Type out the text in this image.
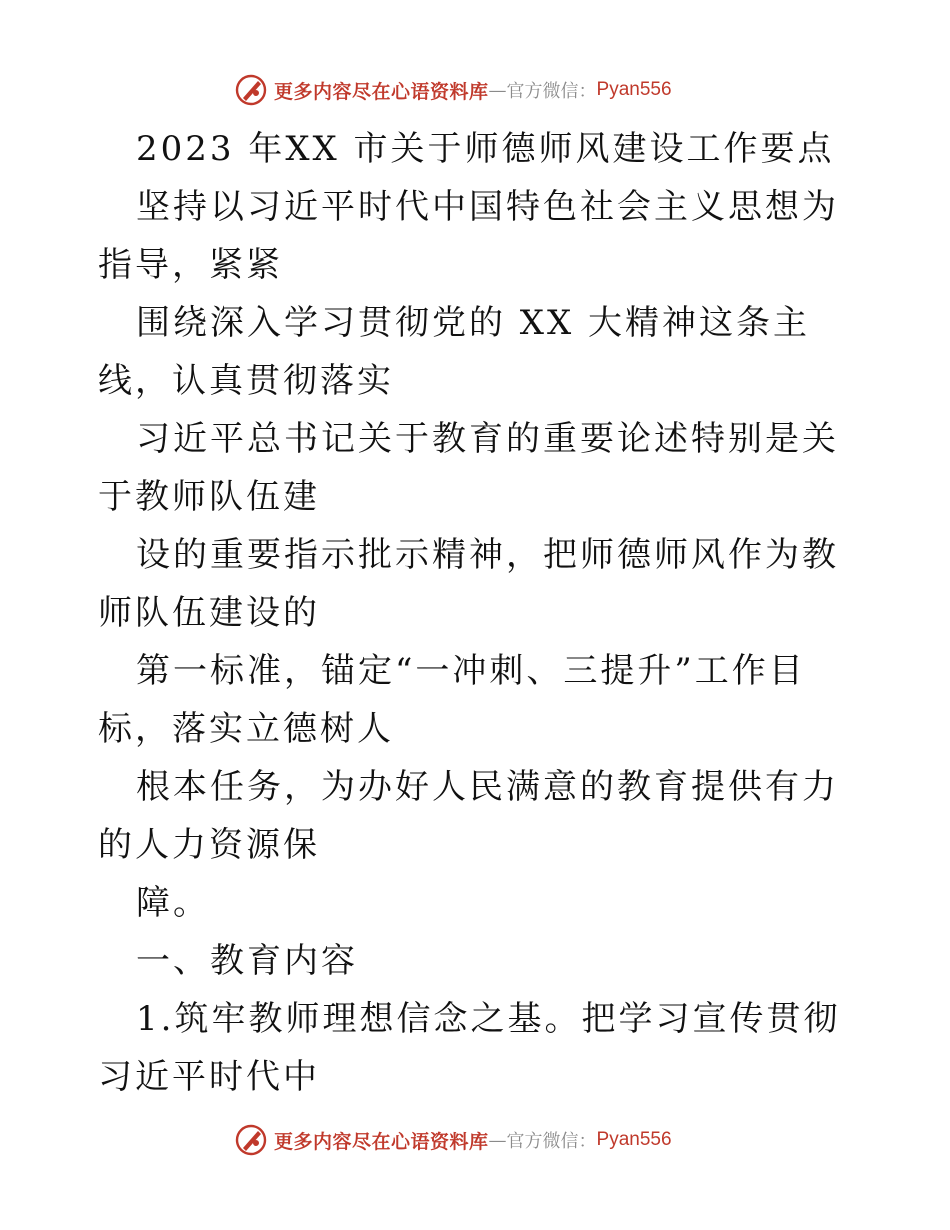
更多内容尽在心语资料库 — 官方微信： Pyan556

2023 年XX 市关于师德师风建设工作要点

坚持以习近平时代中国特色社会主义思想为指导，紧紧

围绕深入学习贯彻党的 XX 大精神这条主线，认真贯彻落实

习近平总书记关于教育的重要论述特别是关于教师队伍建

设的重要指示批示精神，把师德师风作为教师队伍建设的

第一标准，锚定“一冲刺、三提升”工作目标，落实立德树人

根本任务，为办好人民满意的教育提供有力的人力资源保

障。

一、教育内容

1.筑牢教师理想信念之基。把学习宣传贯彻习近平时代中

更多内容尽在心语资料库 — 官方微信： Pyan556
